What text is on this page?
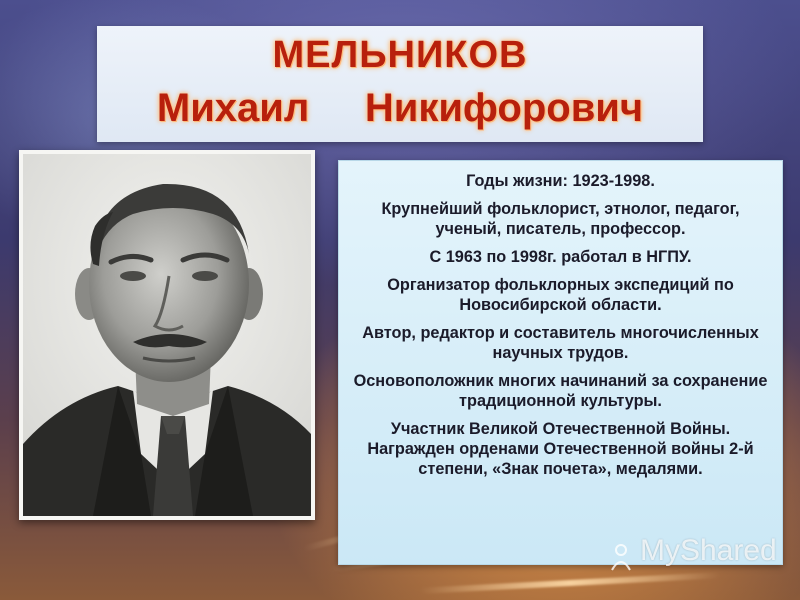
МЕЛЬНИКОВ
Михаил     Никифорович
Годы жизни: 1923-1998.
Крупнейший фольклорист, этнолог, педагог, ученый, писатель, профессор.
С 1963 по 1998г. работал в НГПУ.
Организатор фольклорных экспедиций по Новосибирской области.
Автор, редактор и составитель многочисленных научных трудов.
Основоположник многих начинаний за сохранение традиционной культуры.
Участник Великой Отечественной Войны. Награжден орденами Отечественной войны 2-й степени, «Знак почета», медалями.
MyShared
